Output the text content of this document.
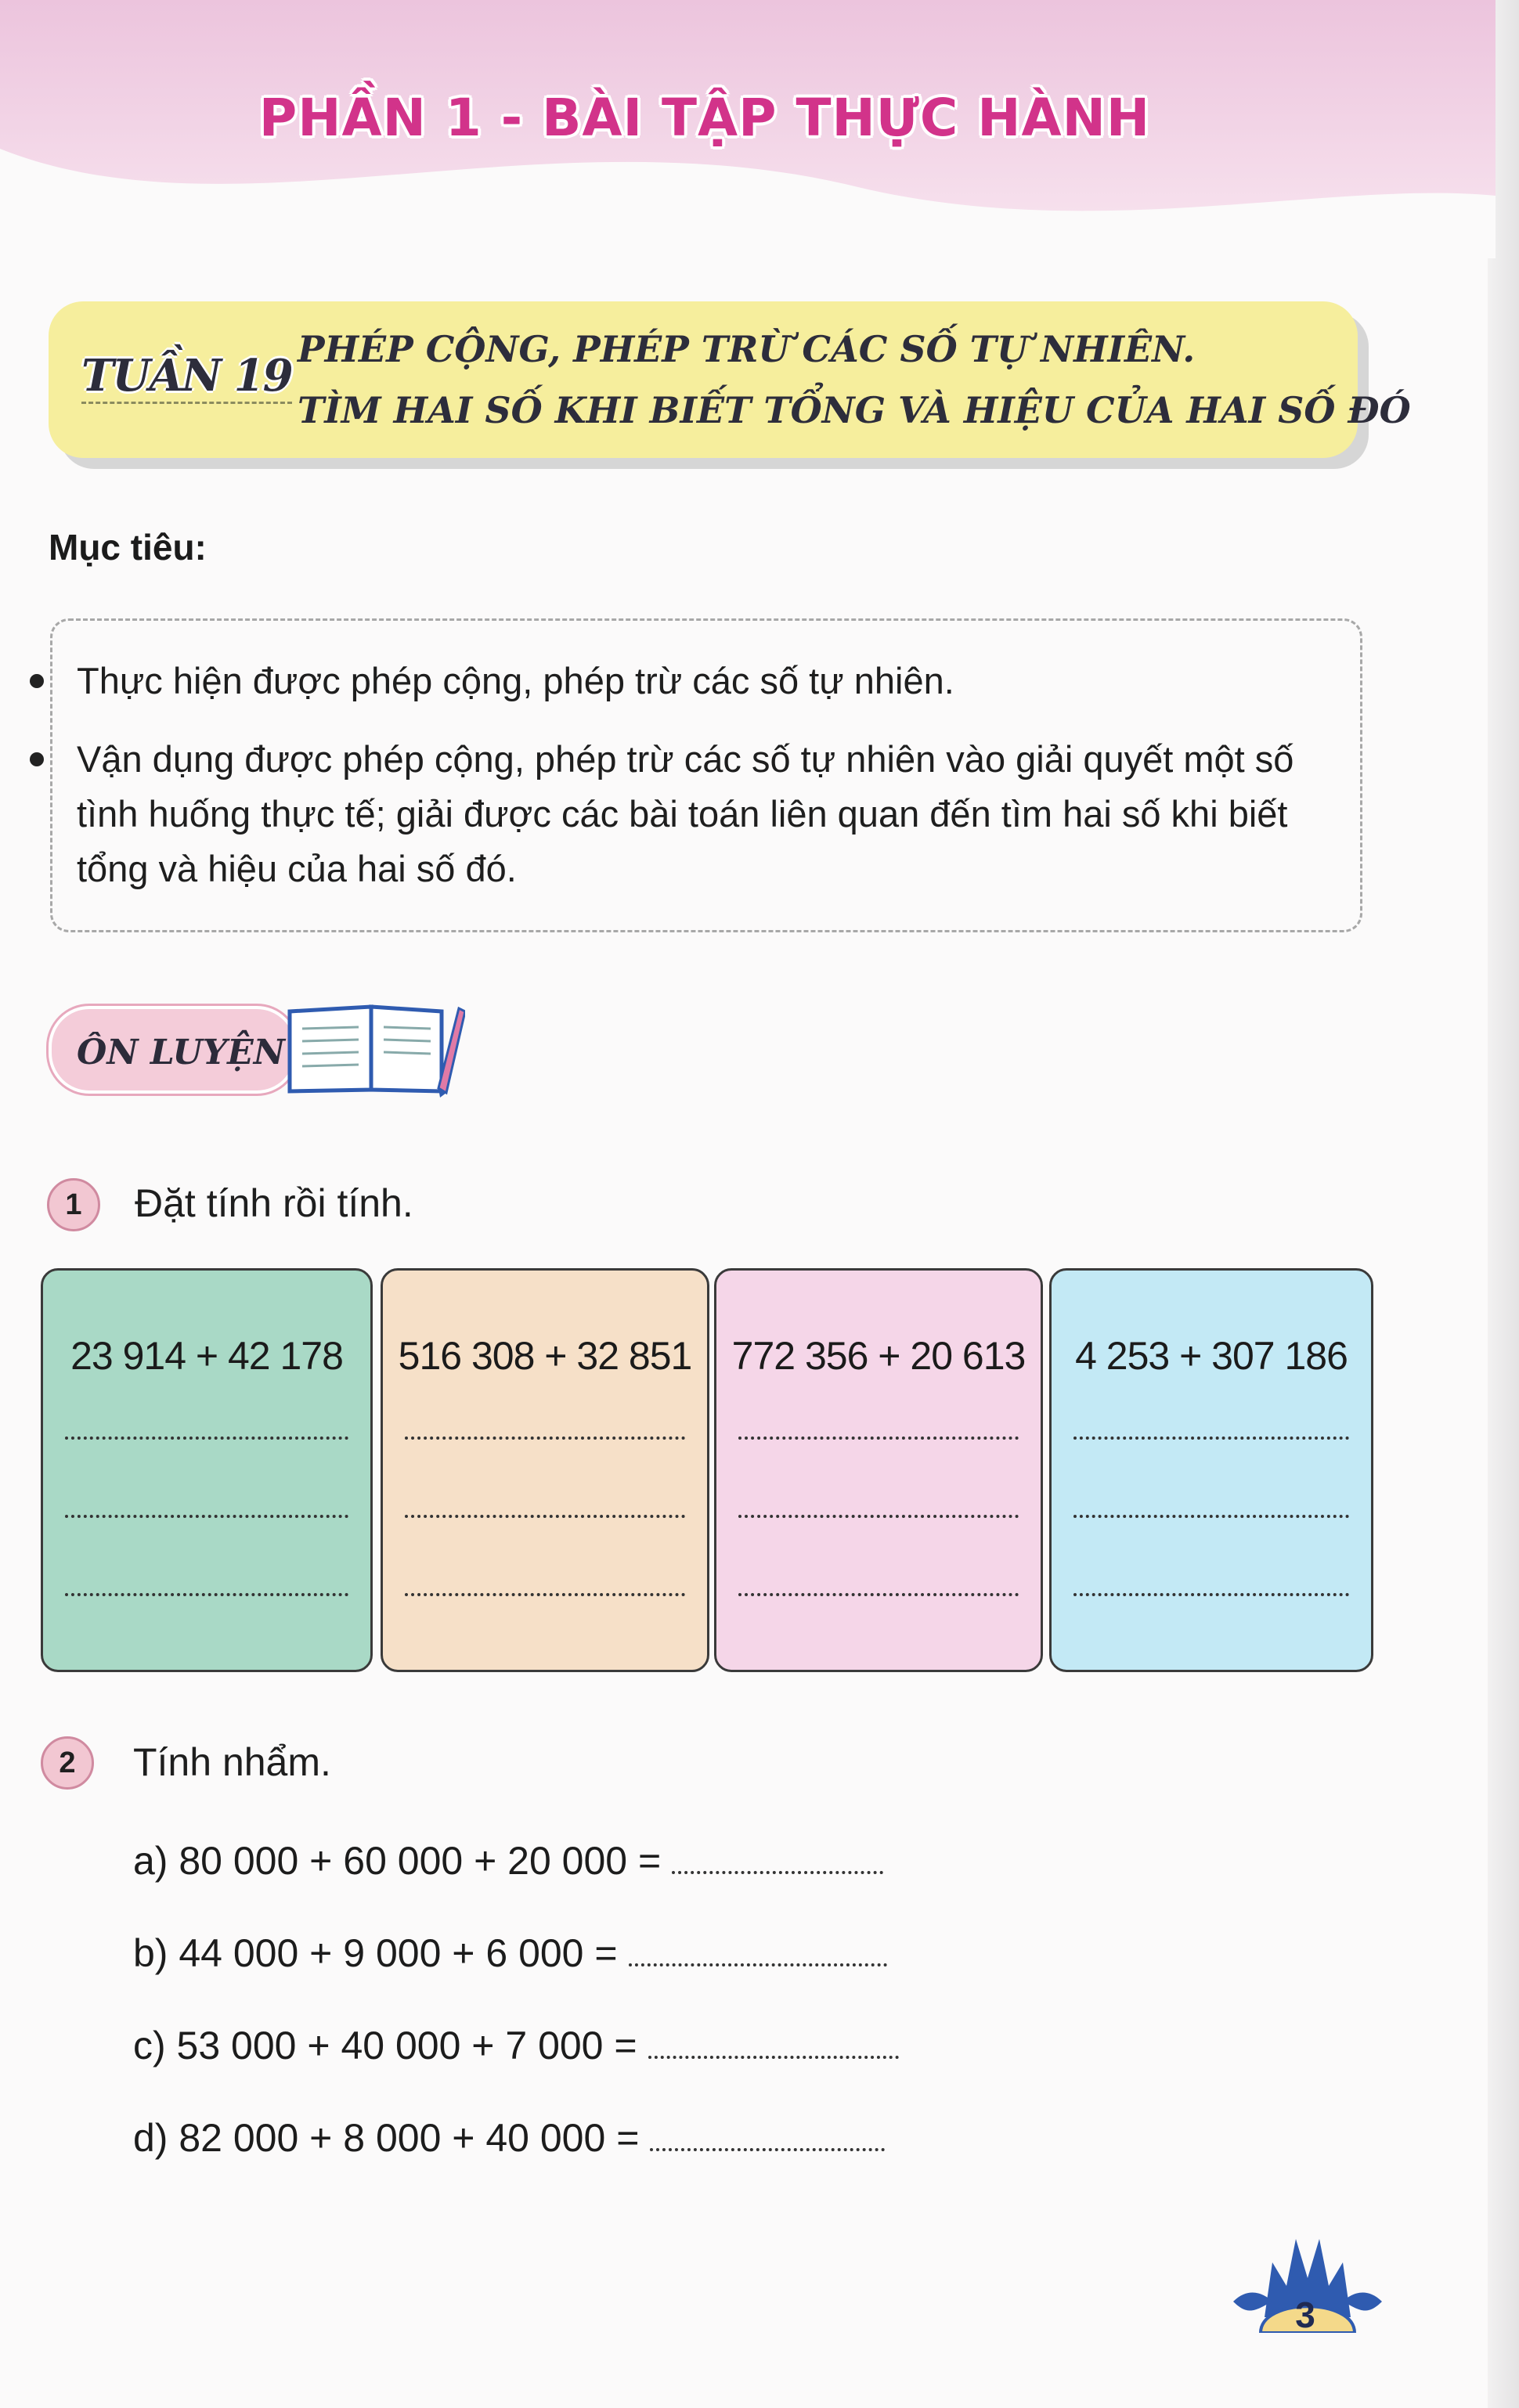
PHẦN 1 - BÀI TẬP THỰC HÀNH
TUẦN 19
PHÉP CỘNG, PHÉP TRỪ CÁC SỐ TỰ NHIÊN.
TÌM HAI SỐ KHI BIẾT TỔNG VÀ HIỆU CỦA HAI SỐ ĐÓ
Mục tiêu:
Thực hiện được phép cộng, phép trừ các số tự nhiên.
Vận dụng được phép cộng, phép trừ các số tự nhiên vào giải quyết một số tình huống thực tế; giải được các bài toán liên quan đến tìm hai số khi biết tổng và hiệu của hai số đó.
ÔN LUYỆN
1	Đặt tính rồi tính.
23 914 + 42 178	516 308 + 32 851	772 356 + 20 613	4 253 + 307 186
2	Tính nhẩm.
a) 80 000 + 60 000 + 20 000 =
b) 44 000 + 9 000 + 6 000 =
c) 53 000 + 40 000 + 7 000 =
d) 82 000 + 8 000 + 40 000 =
3
